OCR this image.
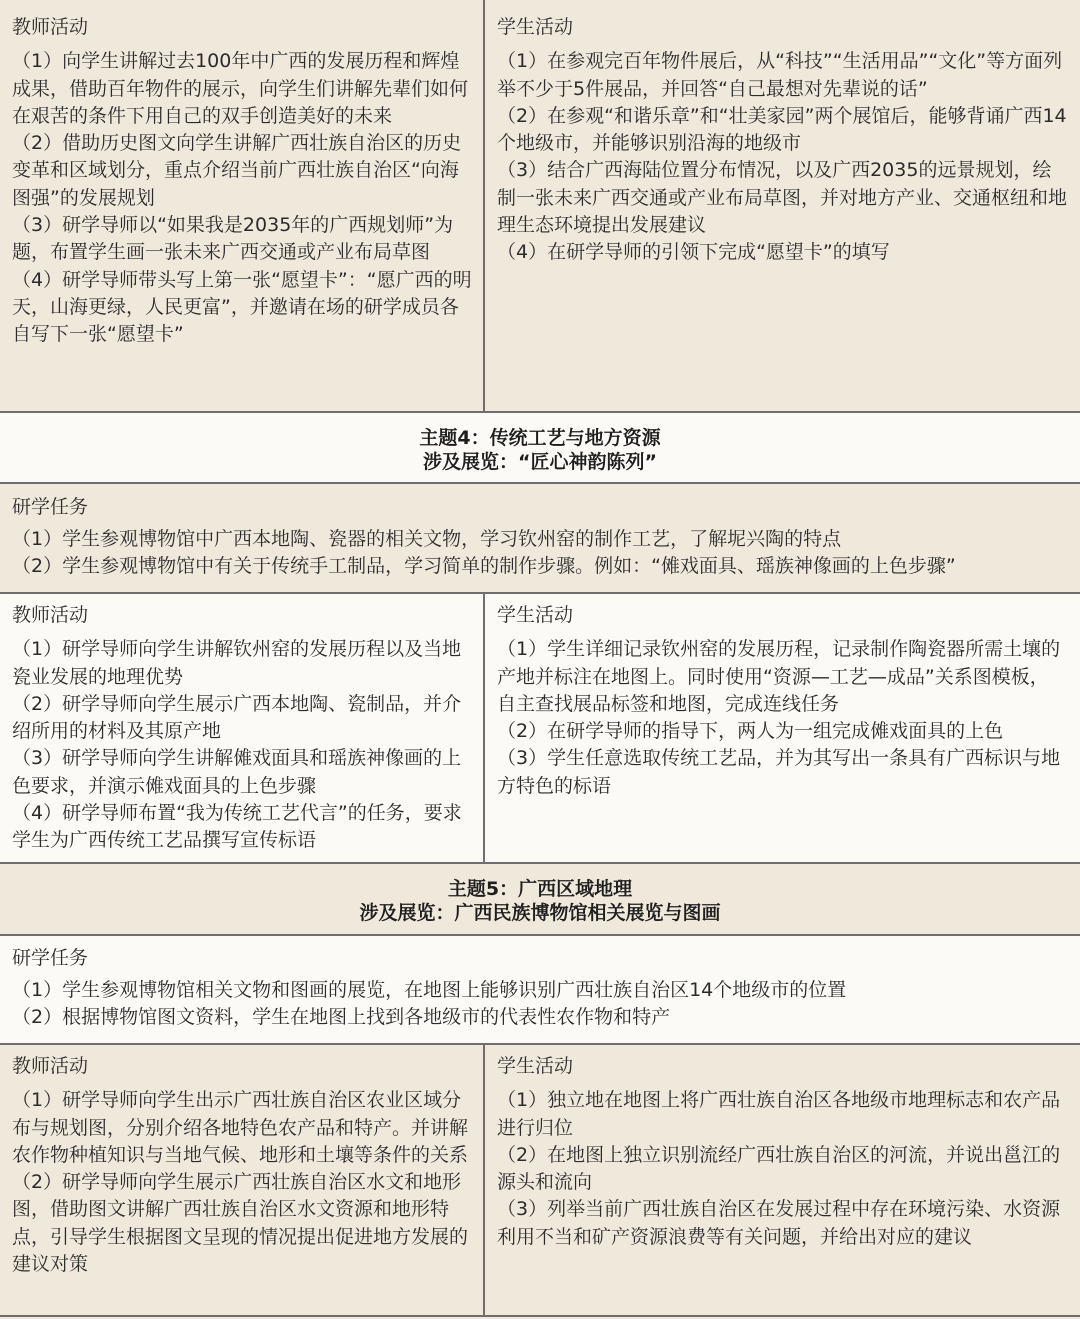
教师活动

（1）向学生讲解过去100年中广西的发展历程和辉煌成果，借助百年物件的展示，向学生们讲解先辈们如何在艰苦的条件下用自己的双手创造美好的未来

（2）借助历史图文向学生讲解广西壮族自治区的历史变革和区域划分，重点介绍当前广西壮族自治区“向海图强”的发展规划

（3）研学导师以“如果我是2035年的广西规划师”为题，布置学生画一张未来广西交通或产业布局草图

（4）研学导师带头写上第一张“愿望卡”：“愿广西的明天，山海更绿，人民更富”，并邀请在场的研学成员各自写下一张“愿望卡”

学生活动

（1）在参观完百年物件展后，从“科技”“生活用品”“文化”等方面列举不少于5件展品，并回答“自己最想对先辈说的话”

（2）在参观“和谐乐章”和“壮美家园”两个展馆后，能够背诵广西14个地级市，并能够识别沿海的地级市

（3）结合广西海陆位置分布情况，以及广西2035的远景规划，绘制一张未来广西交通或产业布局草图，并对地方产业、交通枢纽和地理生态环境提出发展建议

（4）在研学导师的引领下完成“愿望卡”的填写

主题4：传统工艺与地方资源
涉及展览：“匠心神韵陈列”

研学任务

（1）学生参观博物馆中广西本地陶、瓷器的相关文物，学习钦州窑的制作工艺，了解坭兴陶的特点

（2）学生参观博物馆中有关于传统手工制品，学习简单的制作步骤。例如：“傩戏面具、瑶族神像画的上色步骤”

教师活动

（1）研学导师向学生讲解钦州窑的发展历程以及当地瓷业发展的地理优势

（2）研学导师向学生展示广西本地陶、瓷制品，并介绍所用的材料及其原产地

（3）研学导师向学生讲解傩戏面具和瑶族神像画的上色要求，并演示傩戏面具的上色步骤

（4）研学导师布置“我为传统工艺代言”的任务，要求学生为广西传统工艺品撰写宣传标语

学生活动

（1）学生详细记录钦州窑的发展历程，记录制作陶瓷器所需土壤的产地并标注在地图上。同时使用“资源—工艺—成品”关系图模板，自主查找展品标签和地图，完成连线任务

（2）在研学导师的指导下，两人为一组完成傩戏面具的上色

（3）学生任意选取传统工艺品，并为其写出一条具有广西标识与地方特色的标语

主题5：广西区域地理
涉及展览：广西民族博物馆相关展览与图画

研学任务

（1）学生参观博物馆相关文物和图画的展览，在地图上能够识别广西壮族自治区14个地级市的位置

（2）根据博物馆图文资料，学生在地图上找到各地级市的代表性农作物和特产

教师活动

（1）研学导师向学生出示广西壮族自治区农业区域分布与规划图，分别介绍各地特色农产品和特产。并讲解农作物种植知识与当地气候、地形和土壤等条件的关系

（2）研学导师向学生展示广西壮族自治区水文和地形图，借助图文讲解广西壮族自治区水文资源和地形特点，引导学生根据图文呈现的情况提出促进地方发展的建议对策

学生活动

（1）独立地在地图上将广西壮族自治区各地级市地理标志和农产品进行归位

（2）在地图上独立识别流经广西壮族自治区的河流，并说出邕江的源头和流向

（3）列举当前广西壮族自治区在发展过程中存在环境污染、水资源利用不当和矿产资源浪费等有关问题，并给出对应的建议
